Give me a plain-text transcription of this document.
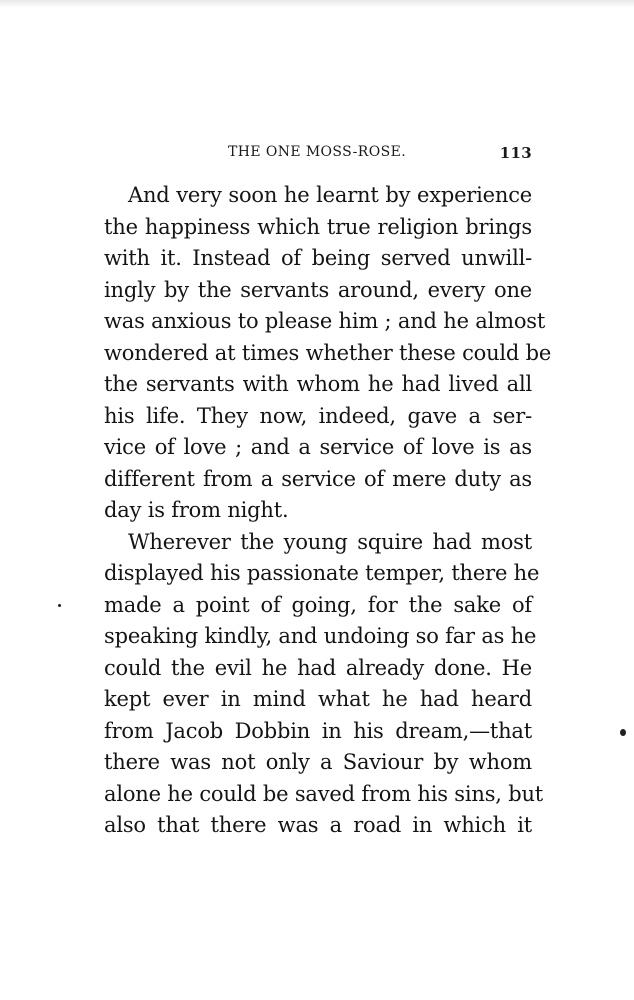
THE ONE MOSS-ROSE.	113
And very soon he learnt by experience
the happiness which true religion brings
with it. Instead of being served unwill-
ingly by the servants around, every one
was anxious to please him ; and he almost
wondered at times whether these could be
the servants with whom he had lived all
his life. They now, indeed, gave a ser-
vice of love ; and a service of love is as
different from a service of mere duty as
day is from night.
Wherever the young squire had most
displayed his passionate temper, there he
made a point of going, for the sake of
speaking kindly, and undoing so far as he
could the evil he had already done. He
kept ever in mind what he had heard
from Jacob Dobbin in his dream,—that
there was not only a Saviour by whom
alone he could be saved from his sins, but
also that there was a road in which it
